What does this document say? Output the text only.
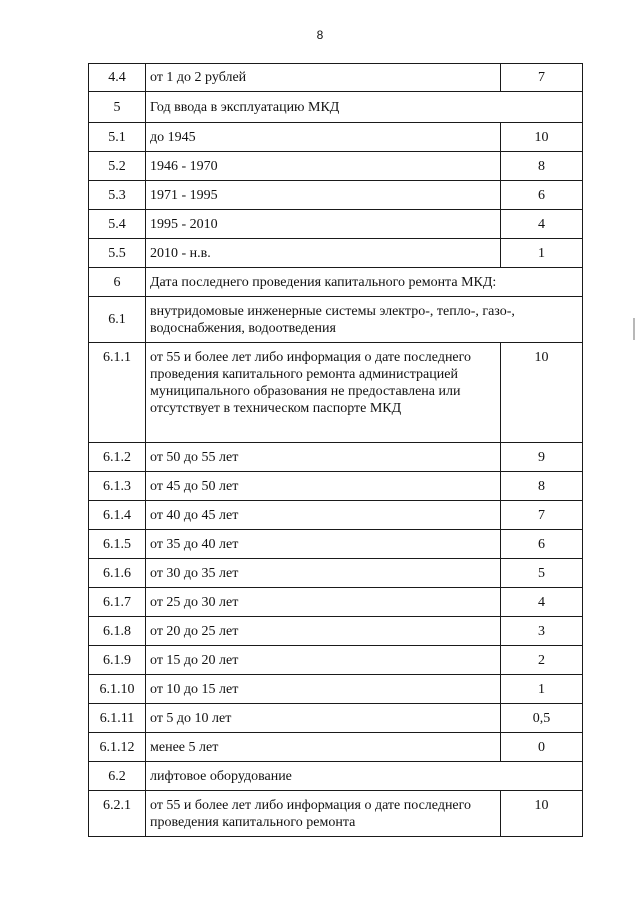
8
4.4	от 1 до 2 рублей	7
5	Год ввода в эксплуатацию МКД	
5.1	до 1945	10
5.2	1946 - 1970	8
5.3	1971 - 1995	6
5.4	1995 - 2010	4
5.5	2010 - н.в.	1
6	Дата последнего проведения капитального ремонта МКД:	
6.1	внутридомовые инженерные системы электро-, тепло-, газо-, водоснабжения, водоотведения	
6.1.1	от 55 и более лет либо информация о дате последнего проведения капитального ремонта администрацией муниципального образования не предоставлена или отсутствует в техническом паспорте МКД	10
6.1.2	от 50 до 55 лет	9
6.1.3	от 45 до 50 лет	8
6.1.4	от 40 до 45 лет	7
6.1.5	от 35 до 40 лет	6
6.1.6	от 30 до 35 лет	5
6.1.7	от 25 до 30 лет	4
6.1.8	от 20 до 25 лет	3
6.1.9	от 15 до 20 лет	2
6.1.10	от 10 до 15 лет	1
6.1.11	от 5 до 10 лет	0,5
6.1.12	менее 5 лет	0
6.2	лифтовое оборудование	
6.2.1	от 55 и более лет либо информация о дате последнего проведения капитального ремонта	10
